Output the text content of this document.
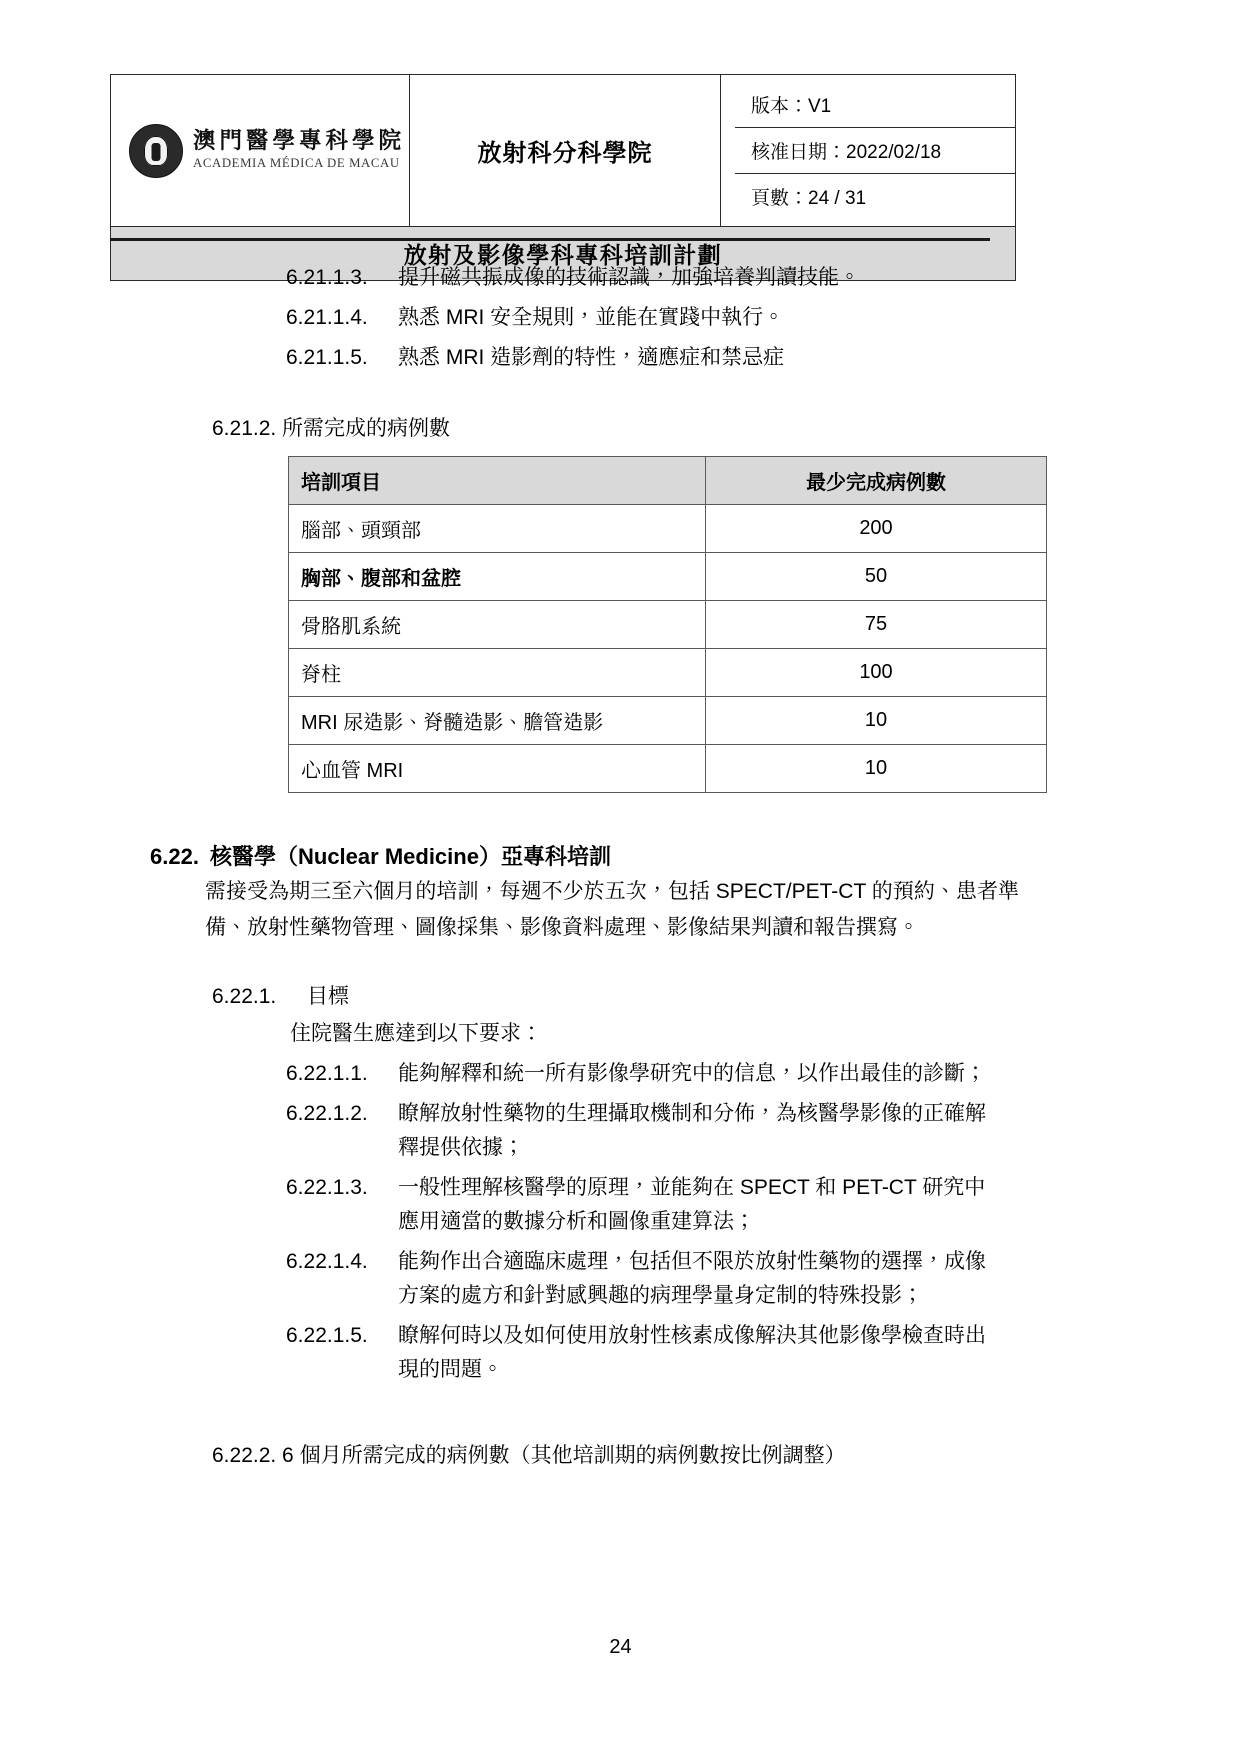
澳門醫學專科學院
ACADEMIA MÉDICA DE MACAU	放射科分科學院	
版本：V1
核准日期：2022/02/18
頁數：24 / 31

放射及影像學科專科培訓計劃
6.21.1.3.	提升磁共振成像的技術認識，加強培養判讀技能。
6.21.1.4.	熟悉 MRI 安全規則，並能在實踐中執行。
6.21.1.5.	熟悉 MRI 造影劑的特性，適應症和禁忌症
6.21.2. 所需完成的病例數
培訓項目	最少完成病例數
腦部、頭頸部	200
胸部、腹部和盆腔	50
骨胳肌系統	75
脊柱	100
MRI 尿造影、脊髓造影、膽管造影	10
心血管 MRI	10
6.22. 核醫學（Nuclear Medicine）亞專科培訓
需接受為期三至六個月的培訓，每週不少於五次，包括 SPECT/PET-CT 的預約、患者準備、放射性藥物管理、圖像採集、影像資料處理、影像結果判讀和報告撰寫。
6.22.1.	目標
住院醫生應達到以下要求：
6.22.1.1.	能夠解釋和統一所有影像學研究中的信息，以作出最佳的診斷；
6.22.1.2.	瞭解放射性藥物的生理攝取機制和分佈，為核醫學影像的正確解釋提供依據；
6.22.1.3.	一般性理解核醫學的原理，並能夠在 SPECT 和 PET-CT 研究中應用適當的數據分析和圖像重建算法；
6.22.1.4.	能夠作出合適臨床處理，包括但不限於放射性藥物的選擇，成像方案的處方和針對感興趣的病理學量身定制的特殊投影；
6.22.1.5.	瞭解何時以及如何使用放射性核素成像解決其他影像學檢查時出現的問題。
6.22.2. 6 個月所需完成的病例數（其他培訓期的病例數按比例調整）
24
